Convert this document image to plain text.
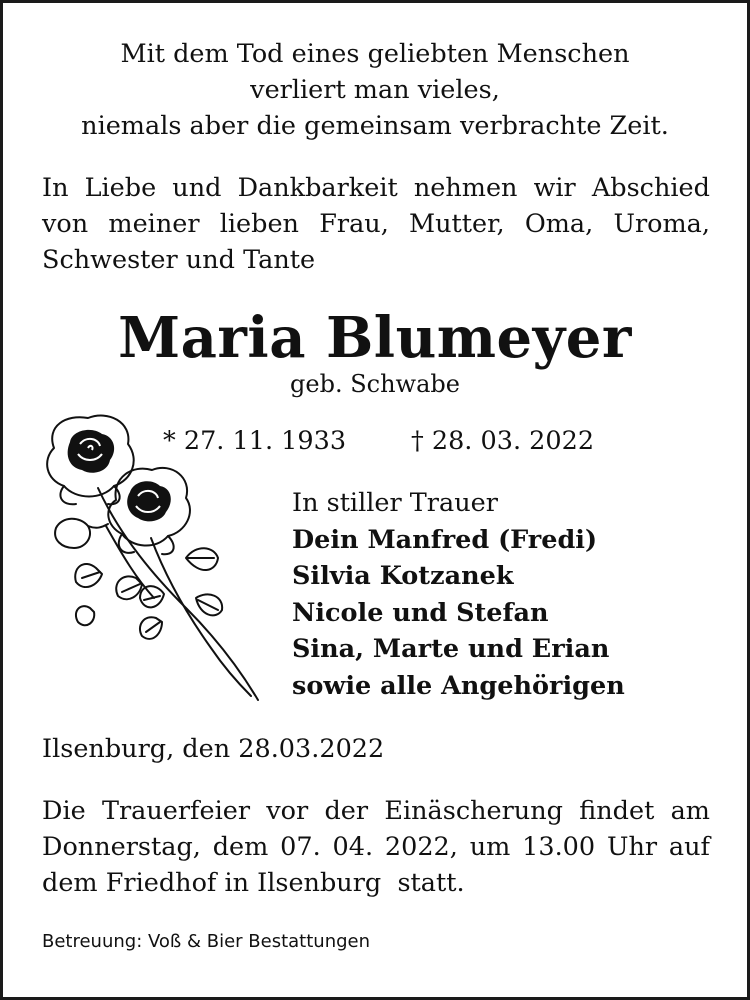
Mit dem Tod eines geliebten Menschen
verliert man vieles,
niemals aber die gemeinsam verbrachte Zeit.
In Liebe und Dankbarkeit nehmen wir Abschied
von meiner lieben Frau, Mutter, Oma, Uroma,
Schwester und Tante
Maria Blumeyer
geb. Schwabe
* 27. 11. 1933	† 28. 03. 2022
In stiller Trauer
Dein Manfred (Fredi)
Silvia Kotzanek
Nicole und Stefan
Sina, Marte und Erian
sowie alle Angehörigen
Ilsenburg, den 28.03.2022
Die Trauerfeier vor der Einäscherung findet am
Donnerstag, dem 07. 04. 2022, um 13.00 Uhr auf
dem Friedhof in Ilsenburg  statt.
Betreuung: Voß & Bier Bestattungen
